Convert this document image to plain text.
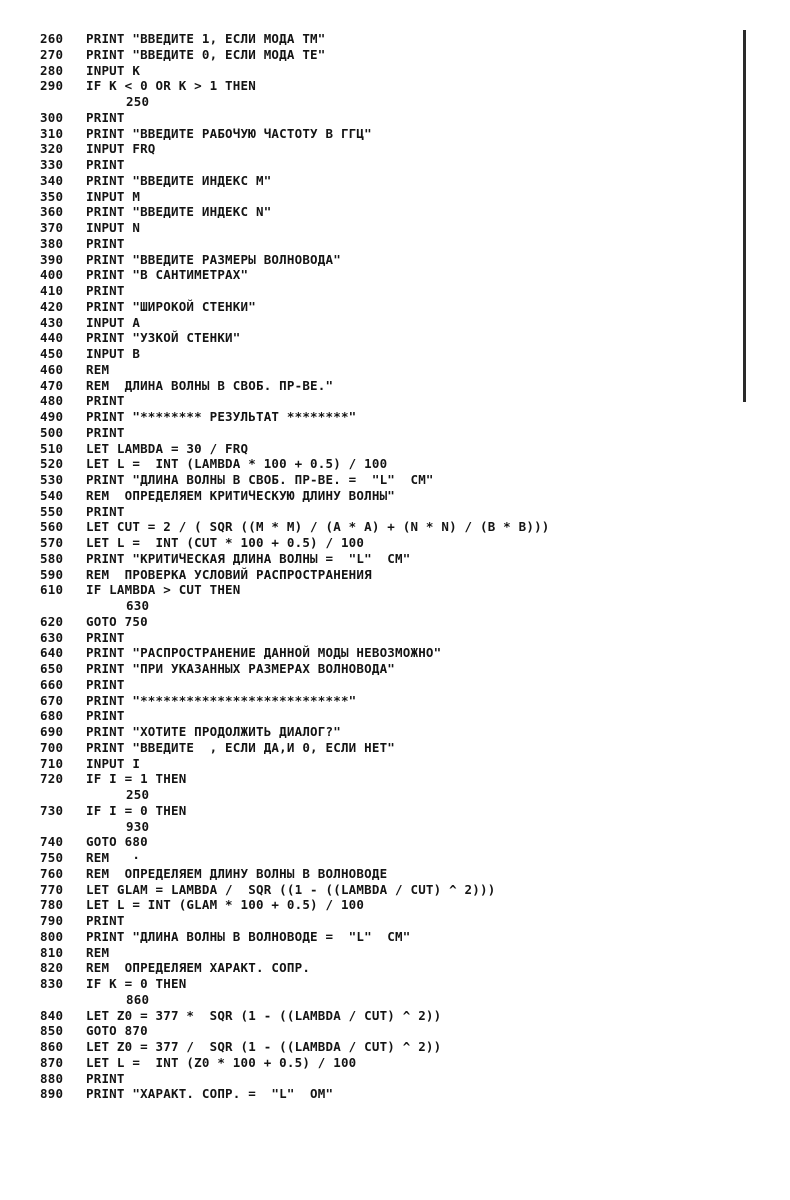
260 PRINT "ВВЕДИТЕ 1, ЕСЛИ МОДА ТМ"
270 PRINT "ВВЕДИТЕ 0, ЕСЛИ МОДА ТЕ"
280 INPUT K
290 IF K < 0 OR K > 1 THEN
250
300 PRINT
310 PRINT "ВВЕДИТЕ РАБОЧУЮ ЧАСТОТУ В ГГЦ"
320 INPUT FRQ
330 PRINT
340 PRINT "ВВЕДИТЕ ИНДЕКС M"
350 INPUT M
360 PRINT "ВВЕДИТЕ ИНДЕКС N"
370 INPUT N
380 PRINT
390 PRINT "ВВЕДИТЕ РАЗМЕРЫ ВОЛНОВОДА"
400 PRINT "В САНТИМЕТРАХ"
410 PRINT
420 PRINT "ШИРОКОЙ СТЕНКИ"
430 INPUT A
440 PRINT "УЗКОЙ СТЕНКИ"
450 INPUT B
460 REM
470 REM  ДЛИНА ВОЛНЫ В СВОБ. ПР-ВЕ."
480 PRINT
490 PRINT "******** РЕЗУЛЬТАТ ********"
500 PRINT
510 LET LAMBDA = 30 / FRQ
520 LET L =  INT (LAMBDA * 100 + 0.5) / 100
530 PRINT "ДЛИНА ВОЛНЫ В СВОБ. ПР-ВЕ. =  "L"  CM"
540 REM  ОПРЕДЕЛЯЕМ КРИТИЧЕСКУЮ ДЛИНУ ВОЛНЫ"
550 PRINT
560 LET CUT = 2 / ( SQR ((M * M) / (A * A) + (N * N) / (B * B)))
570 LET L =  INT (CUT * 100 + 0.5) / 100
580 PRINT "КРИТИЧЕСКАЯ ДЛИНА ВОЛНЫ =  "L"  CM"
590 REM  ПРОВЕРКА УСЛОВИЙ РАСПРОСТРАНЕНИЯ
610 IF LAMBDA > CUT THEN
630
620 GOTO 750
630 PRINT
640 PRINT "РАСПРОСТРАНЕНИЕ ДАННОЙ МОДЫ НЕВОЗМОЖНО"
650 PRINT "ПРИ УКАЗАННЫХ РАЗМЕРАХ ВОЛНОВОДА"
660 PRINT
670 PRINT "***************************"
680 PRINT
690 PRINT "ХОТИТЕ ПРОДОЛЖИТЬ ДИАЛОГ?"
700 PRINT "ВВЕДИТЕ  , ЕСЛИ ДА,И 0, ЕСЛИ НЕТ"
710 INPUT I
720 IF I = 1 THEN
250
730 IF I = 0 THEN
930
740 GOTO 680
750 REM   ·
760 REM  ОПРЕДЕЛЯЕМ ДЛИНУ ВОЛНЫ В ВОЛНОВОДЕ
770 LET GLAM = LAMBDA /  SQR ((1 - ((LAMBDA / CUT) ^ 2)))
780 LET L = INT (GLAM * 100 + 0.5) / 100
790 PRINT
800 PRINT "ДЛИНА ВОЛНЫ В ВОЛНОВОДЕ =  "L"  CM"
810 REM
820 REM  ОПРЕДЕЛЯЕМ ХАРАКТ. СОПР.
830 IF K = 0 THEN
860
840 LET Z0 = 377 *  SQR (1 - ((LAMBDA / CUT) ^ 2))
850 GOTO 870
860 LET Z0 = 377 /  SQR (1 - ((LAMBDA / CUT) ^ 2))
870 LET L =  INT (Z0 * 100 + 0.5) / 100
880 PRINT
890 PRINT "ХАРАКТ. СОПР. =  "L"  OM"
